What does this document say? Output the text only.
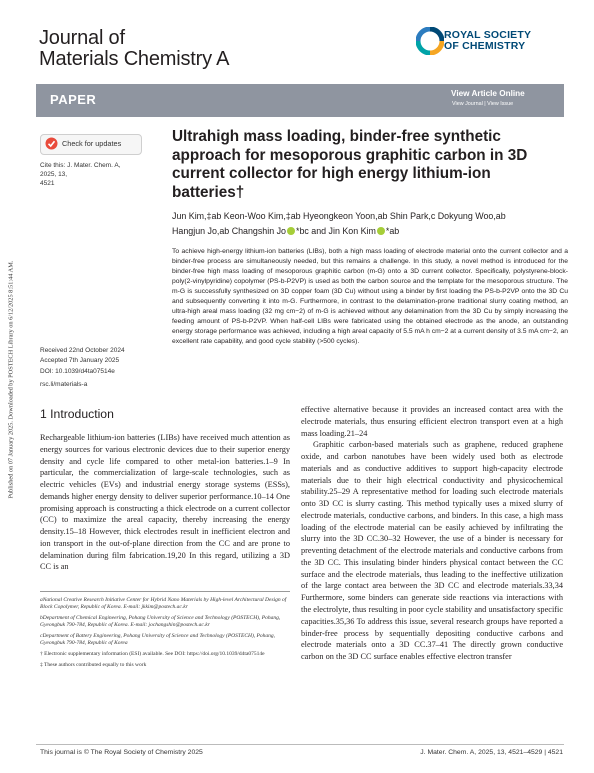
Published on 07 January 2025. Downloaded by POSTECH Library on 6/12/2025 8:51:44 AM.
Journal of
Materials Chemistry A
ROYAL SOCIETY
OF CHEMISTRY
PAPER	View Article Online
View Journal | View Issue
Check for updates
Cite this: J. Mater. Chem. A, 2025, 13,
4521
Ultrahigh mass loading, binder-free synthetic approach for mesoporous graphitic carbon in 3D current collector for high energy lithium-ion batteries†
Jun Kim,‡ab Keon-Woo Kim,‡ab Hyeongkeon Yoon,ab Shin Park,c Dokyung Woo,ab
Hangjun Jo,ab Changshin Jo *bc and Jin Kon Kim *ab
To achieve high-energy lithium-ion batteries (LIBs), both a high mass loading of electrode material onto the current collector and a binder-free process are simultaneously needed, but this remains a challenge. In this study, a novel method is introduced for the binder-free high mass loading of mesoporous graphitic carbon (m-G) onto a 3D current collector. Specifically, polystyrene-block-poly(2-vinylpyridine) copolymer (PS-b-P2VP) is used as both the carbon source and the template for the mesoporous structure. The m-G is successfully synthesized on 3D copper foam (3D Cu) without using a binder by first loading the PS-b-P2VP onto the 3D Cu and subsequently converting it into m-G. Furthermore, in contrast to the delamination-prone traditional slurry coating method, an ultra-high areal mass loading (32 mg cm−2) of m-G is achieved without any delamination from the 3D Cu by simply increasing the feeding amount of PS-b-P2VP. When half-cell LIBs were fabricated using the obtained electrode as the anode, an outstanding energy storage performance was achieved, including a high areal capacity of 5.5 mA h cm−2 at a current density of 3.5 mA cm−2, an excellent rate capability, and good cycle stability (>500 cycles).
Received 22nd October 2024
Accepted 7th January 2025
DOI: 10.1039/d4ta07514e
rsc.li/materials-a
1 Introduction
Rechargeable lithium-ion batteries (LIBs) have received much attention as energy sources for various electronic devices due to their superior energy density and cycle life compared to other metal-ion batteries.1–9 In particular, the commercialization of large-scale technologies, such as electric vehicles (EVs) and industrial energy storage systems (ESSs), demands higher energy density to deliver superior performance.10–14 One promising approach is constructing a thick electrode on a current collector (CC) to maximize the areal capacity, thereby increasing the energy density.15–18 However, thick electrodes result in inefficient electron and ion transport in the out-of-plane direction from the CC and are prone to delamination during film fabrication.19,20 In this regard, utilizing a 3D CC is an
effective alternative because it provides an increased contact area with the electrode materials, thus ensuring efficient electron transport even at a high mass loading.21–24
Graphitic carbon-based materials such as graphene, reduced graphene oxide, and carbon nanotubes have been widely used both as electrode materials and as conductive additives to support high-capacity electrode materials due to their high electrical conductivity and physicochemical stability.25–29 A representative method for loading such electrode materials onto 3D CC is slurry casting. This method typically uses a mixed slurry of electrode materials, conductive carbons, and binders. In this case, a high mass loading of the electrode material can be easily achieved by infiltrating the slurry into the 3D CC.30–32 However, the use of a binder is necessary for preventing detachment of the electrode materials and conductive carbons from the 3D CC. This insulating binder hinders physical contact between the CC surface and the electrode materials, thus leading to the ineffective utilization of the large contact area between the 3D CC and electrode materials.33,34 Furthermore, some binders can generate side reactions via interactions with the electrolyte, thus resulting in poor cycle stability and unsatisfactory specific capacities.35,36 To address this issue, several research groups have reported a binder-free process by sequentially depositing conductive carbons and electrode materials onto a 3D CC.37–41 The directly grown conductive carbon on the 3D CC surface enables effective electron transfer

aNational Creative Research Initiative Center for Hybrid Nano Materials by High-level Architectural Design of Block Copolymer, Republic of Korea. E-mail: jkkim@postech.ac.kr

bDepartment of Chemical Engineering, Pohang University of Science and Technology (POSTECH), Pohang, Gyeongbuk 790-784, Republic of Korea. E-mail: jochangshin@postech.ac.kr

cDepartment of Battery Engineering, Pohang University of Science and Technology (POSTECH), Pohang, Gyeongbuk 790-784, Republic of Korea

† Electronic supplementary information (ESI) available. See DOI: https://doi.org/10.1039/d4ta07514e

‡ These authors contributed equally to this work

This journal is © The Royal Society of Chemistry 2025	J. Mater. Chem. A, 2025, 13, 4521–4529 | 4521
